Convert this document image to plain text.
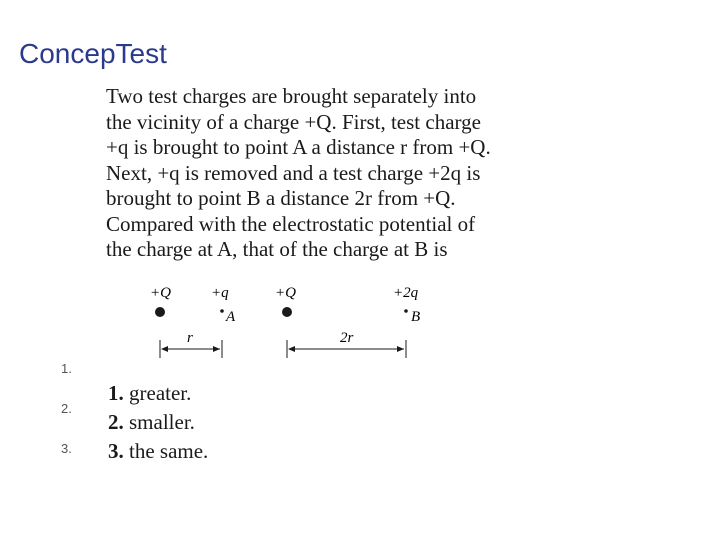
ConcepTest

Two test charges are brought separately into

the vicinity of a charge +Q. First, test charge

+q is brought to point A a distance r from +Q.

Next, +q is removed and a test charge +2q is

brought to point B a distance 2r from +Q.

Compared with the electrostatic potential of

the charge at A, that of the charge at B is

+Q	+q
A
r
+Q	+2q
B
2r
1.
2.
3.
1. greater.
2. smaller.
3. the same.
